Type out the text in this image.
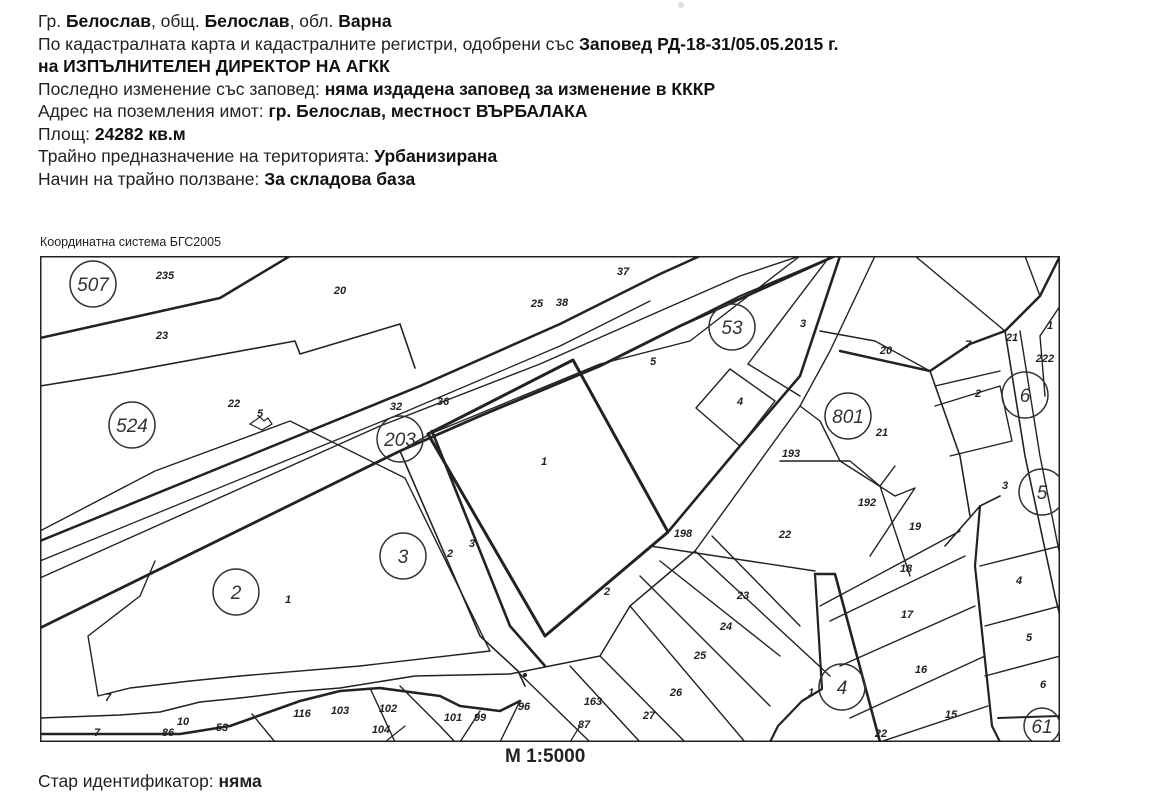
Гр. Белослав, общ. Белослав, обл. Варна
По кадастралната карта и кадастралните регистри, одобрени със Заповед РД-18-31/05.05.2015 г.
на ИЗПЪЛНИТЕЛЕН ДИРЕКТОР НА АГКК
Последно изменение със заповед: няма издадена заповед за изменение в КККР
Адрес на поземления имот: гр. Белослав, местност ВЪРБАЛАКА
Площ: 24282 кв.м
Трайно предназначение на територията: Урбанизирана
Начин на трайно ползване: За складова база
Координатна система БГС2005
507
524
203
53
801
2
3
6
5
4
61
235
20
23
22
5
32	36
25 38
37
1
5
3
4
193
21
192
22
198
2
3
2
1
20	7
2
21
1
222
3
19
18
17
16
15
4
5
6
23
24
25
26
27
163
87
96
99
101
104
102
103
116
53
10
86
7
7	1
22
М 1:5000
Стар идентификатор: няма
